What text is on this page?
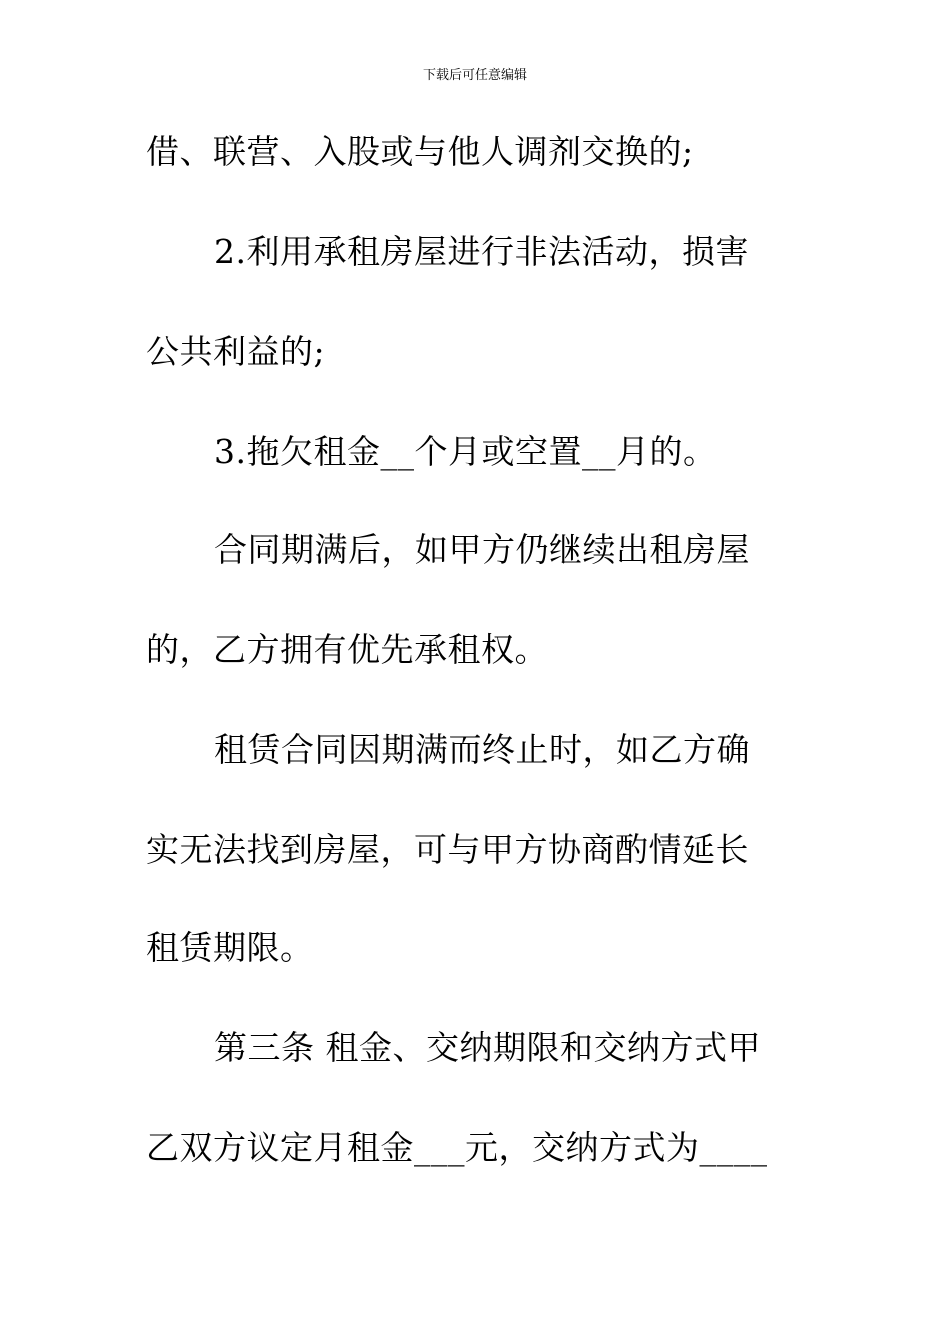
下载后可任意编辑
借、联营、入股或与他人调剂交换的;
2.利用承租房屋进行非法活动，损害
公共利益的;
3.拖欠租金__个月或空置__月的。
合同期满后，如甲方仍继续出租房屋
的，乙方拥有优先承租权。
租赁合同因期满而终止时，如乙方确
实无法找到房屋，可与甲方协商酌情延长
租赁期限。
第三条 租金、交纳期限和交纳方式甲
乙双方议定月租金___元，交纳方式为____
